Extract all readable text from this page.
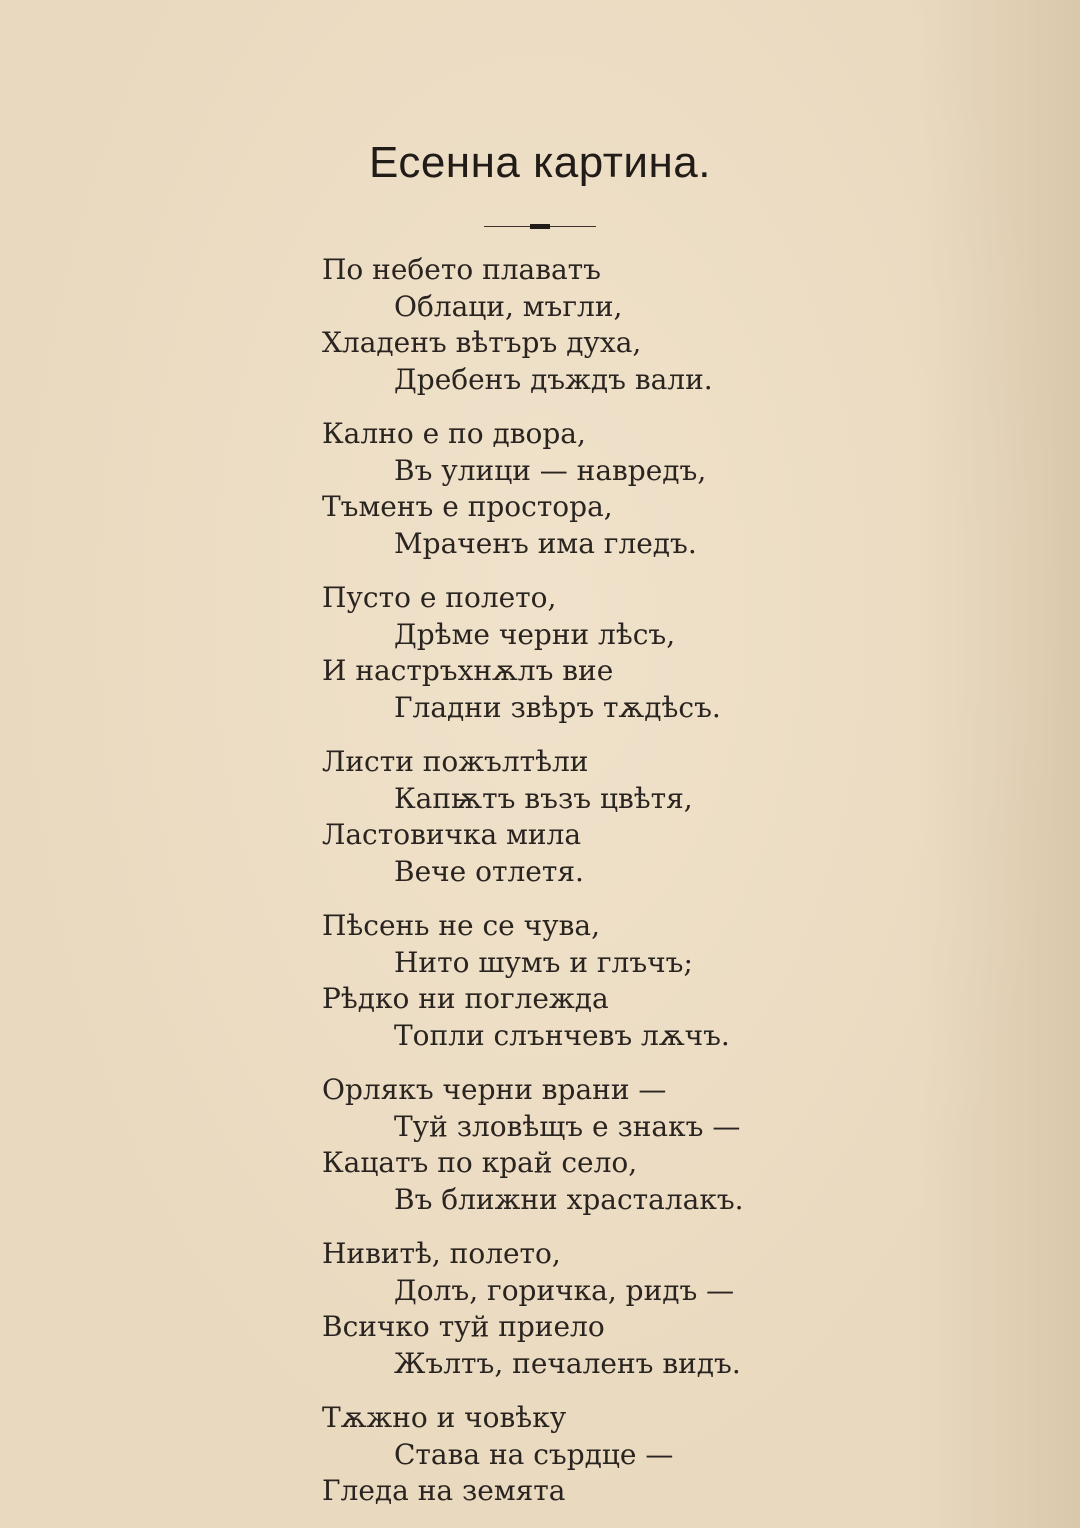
Есенна картина.
По небето плаватъ
Облаци, мъгли,
Хладенъ вѣтъръ духа,
Дребенъ дъждъ вали.
Кално е по двора,
Въ улици — навредъ,
Тъменъ е простора,
Мраченъ има гледъ.
Пусто е полето,
Дрѣме черни лѣсъ,
И настръхнѫлъ вие
Гладни звѣръ тѫдѣсъ.
Листи пожълтѣли
Капѭтъ възъ цвѣтя,
Ластовичка мила
Вече отлетя.
Пѣсень не се чува,
Нито шумъ и глъчъ;
Рѣдко ни поглежда
Топли слънчевъ лѫчъ.
Орлякъ черни врани —
Туй зловѣщъ е знакъ —
Кацатъ по край село,
Въ ближни храсталакъ.
Нивитѣ, полето,
Долъ, горичка, ридъ —
Всичко туй приело
Жълтъ, печаленъ видъ.
Тѫжно и човѣку
Става на сърдце —
Гледа на земята
